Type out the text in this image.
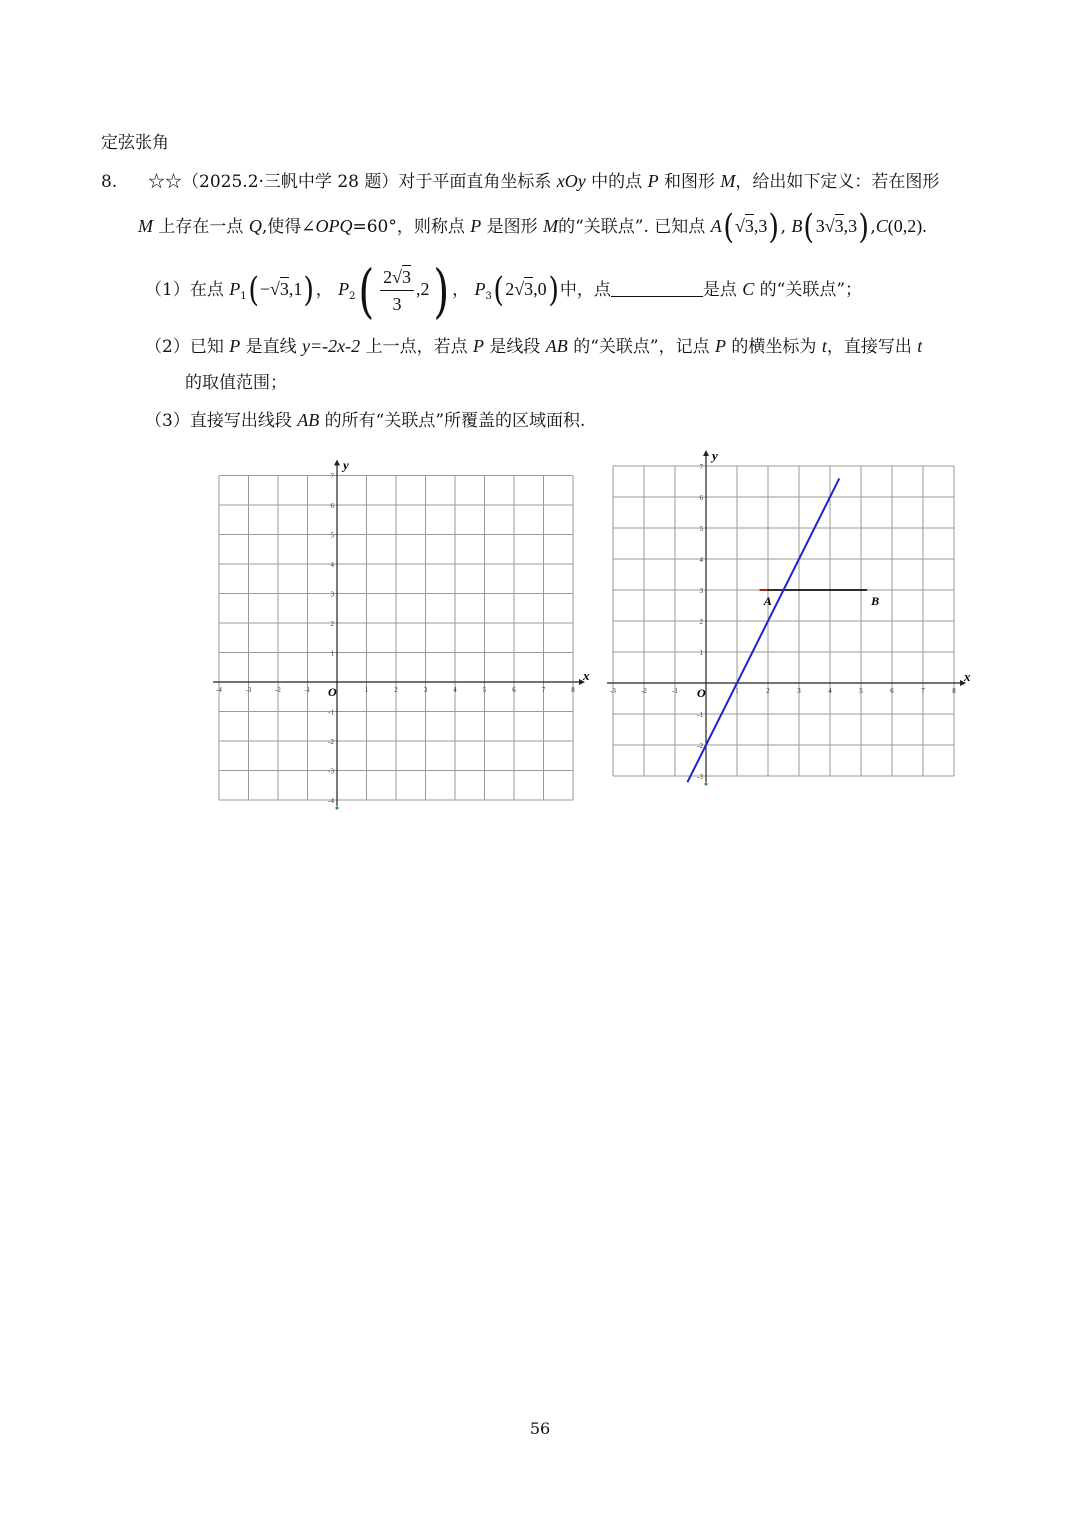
定弦张角
8. ☆☆（2025.2·三帆中学 28 题）对于平面直角坐标系 xOy 中的点 P 和图形 M，给出如下定义：若在图形
M 上存在一点 Q,使得∠OPQ=60°，则称点 P 是图形 M的“关联点”. 已知点 A(√3,3), B(3√3,3),C(0,2).
（1）在点 $P_1(-√3,1)$， $P_2( \frac{2√3}{3} ,2)$ ， $P_3(2√3,0)$中，点	是点 C 的“关联点”；
（2）已知 P 是直线 y=-2x-2 上一点，若点 P 是线段 AB 的“关联点”，记点 P 的横坐标为 t，直接写出 t
的取值范围；
（3）直接写出线段 AB 的所有“关联点”所覆盖的区域面积.
x
y
O
-4	-3	-2	-1	1	2	3	4	5	6	7	8
7
6
5
4
3
2
1
-1
-2
-3
-4
x
y
O
-3	-2	-1	1	2	3	4	5	6	7	8
7
6
5
4
3
2
1
-1
-2
-3
A	B
56
